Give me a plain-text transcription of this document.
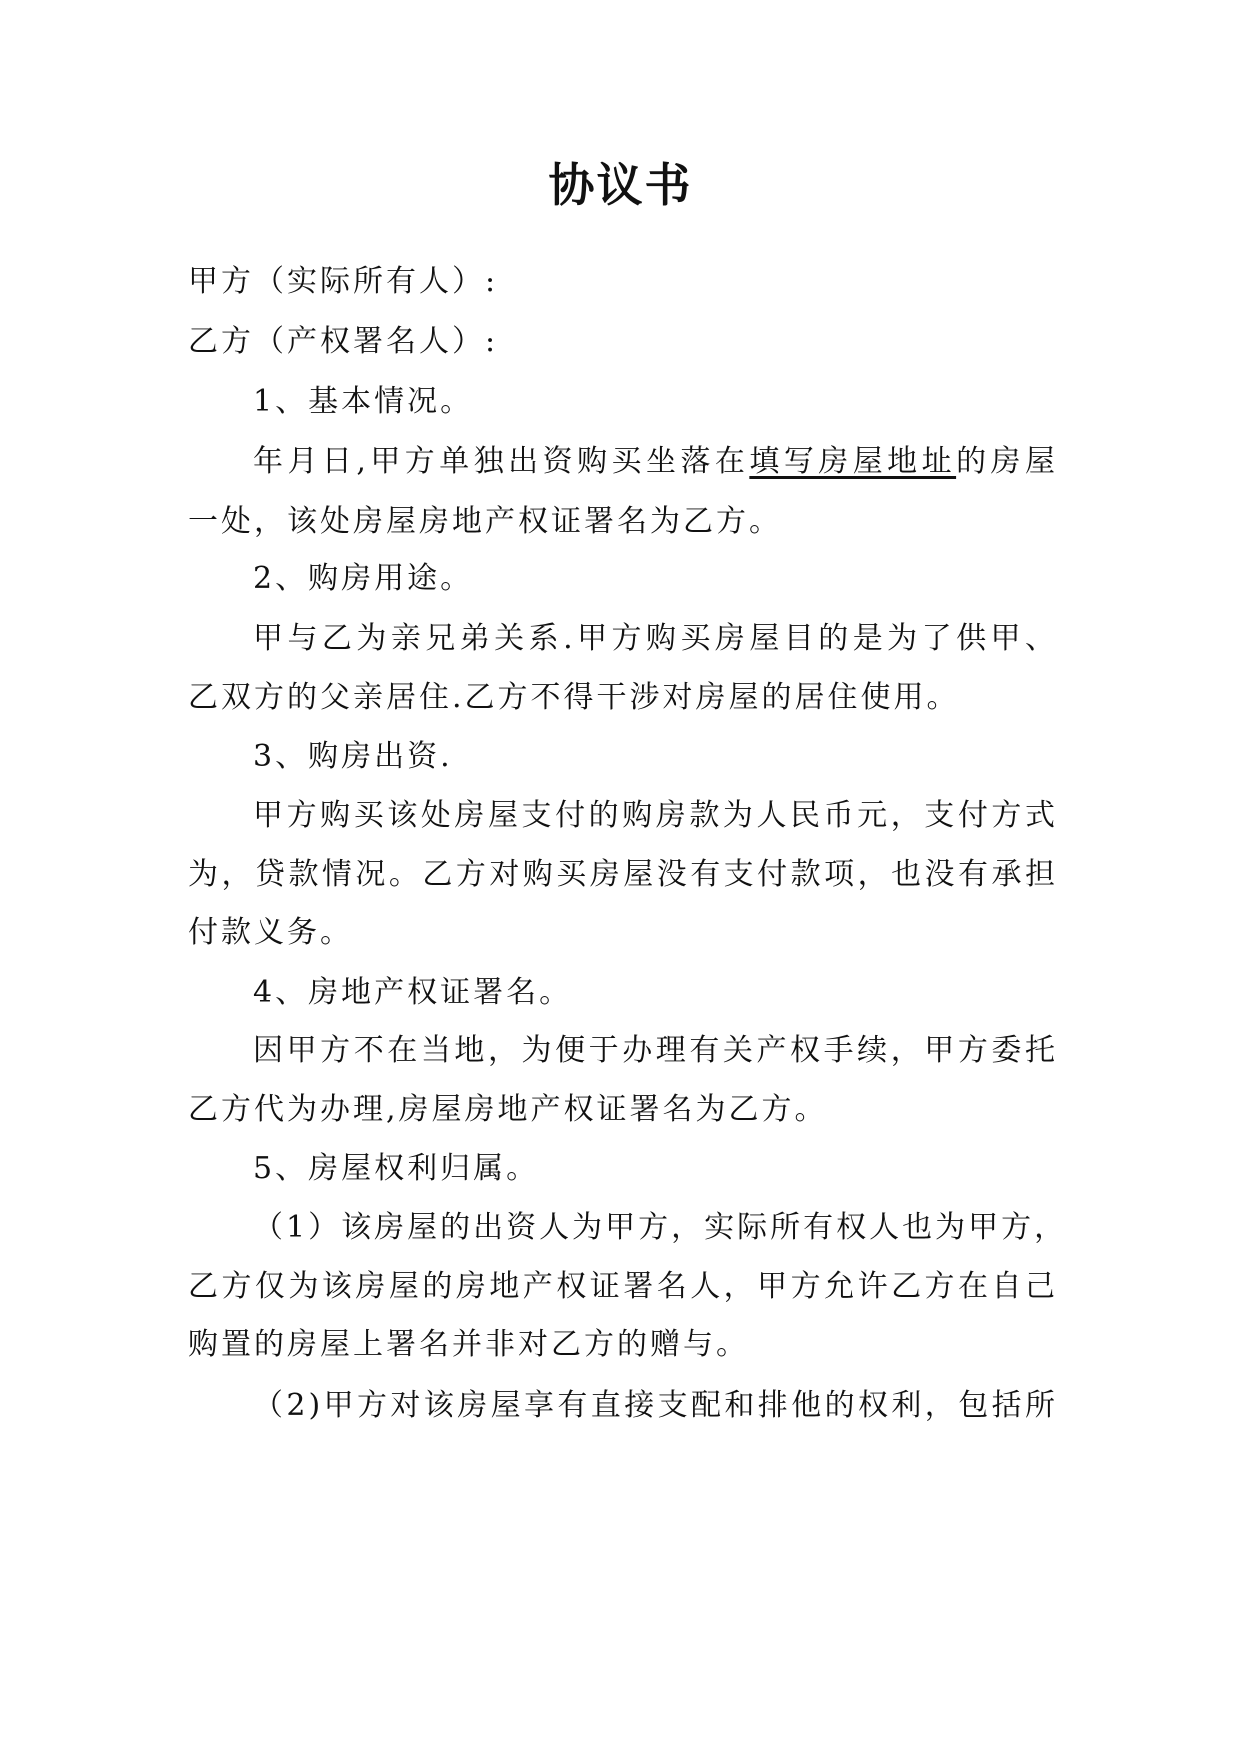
协议书
甲方（实际所有人）:
乙方（产权署名人）:
1、基本情况。
年月日,甲方单独出资购买坐落在填写房屋地址的房屋
一处，该处房屋房地产权证署名为乙方。
2、购房用途。
甲与乙为亲兄弟关系.甲方购买房屋目的是为了供甲、
乙双方的父亲居住.乙方不得干涉对房屋的居住使用。
3、购房出资.
甲方购买该处房屋支付的购房款为人民币元，支付方式
为，贷款情况。乙方对购买房屋没有支付款项，也没有承担
付款义务。
4、房地产权证署名。
因甲方不在当地，为便于办理有关产权手续，甲方委托
乙方代为办理,房屋房地产权证署名为乙方。
5、房屋权利归属。
（1）该房屋的出资人为甲方，实际所有权人也为甲方，
乙方仅为该房屋的房地产权证署名人，甲方允许乙方在自己
购置的房屋上署名并非对乙方的赠与。
（2)甲方对该房屋享有直接支配和排他的权利，包括所
